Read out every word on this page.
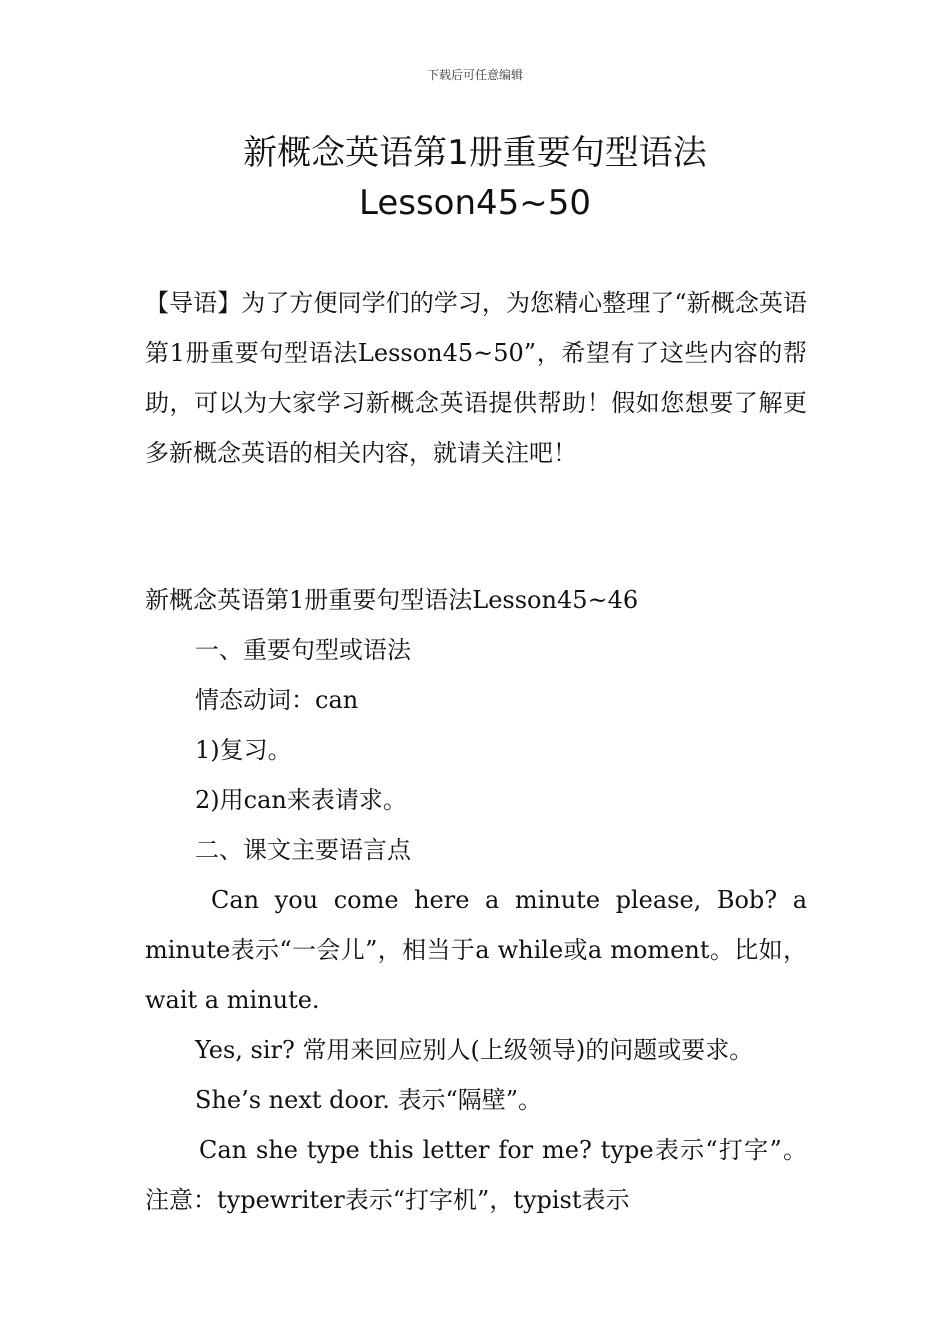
下载后可任意编辑
新概念英语第1册重要句型语法
Lesson45~50
【导语】为了方便同学们的学习，为您精心整理了“新概念英语第1册重要句型语法Lesson45~50”，希望有了这些内容的帮助，可以为大家学习新概念英语提供帮助！假如您想要了解更多新概念英语的相关内容，就请关注吧！
新概念英语第1册重要句型语法Lesson45~46
一、重要句型或语法
情态动词：can
1)复习。
2)用can来表请求。
二、课文主要语言点
Can you come here a minute please, Bob? a minute表示“一会儿”，相当于a while或a moment。比如，wait a minute.
Yes, sir? 常用来回应别人(上级领导)的问题或要求。
She’s next door. 表示“隔壁”。
Can she type this letter for me? type表示“打字”。注意：typewriter表示“打字机”，typist表示
